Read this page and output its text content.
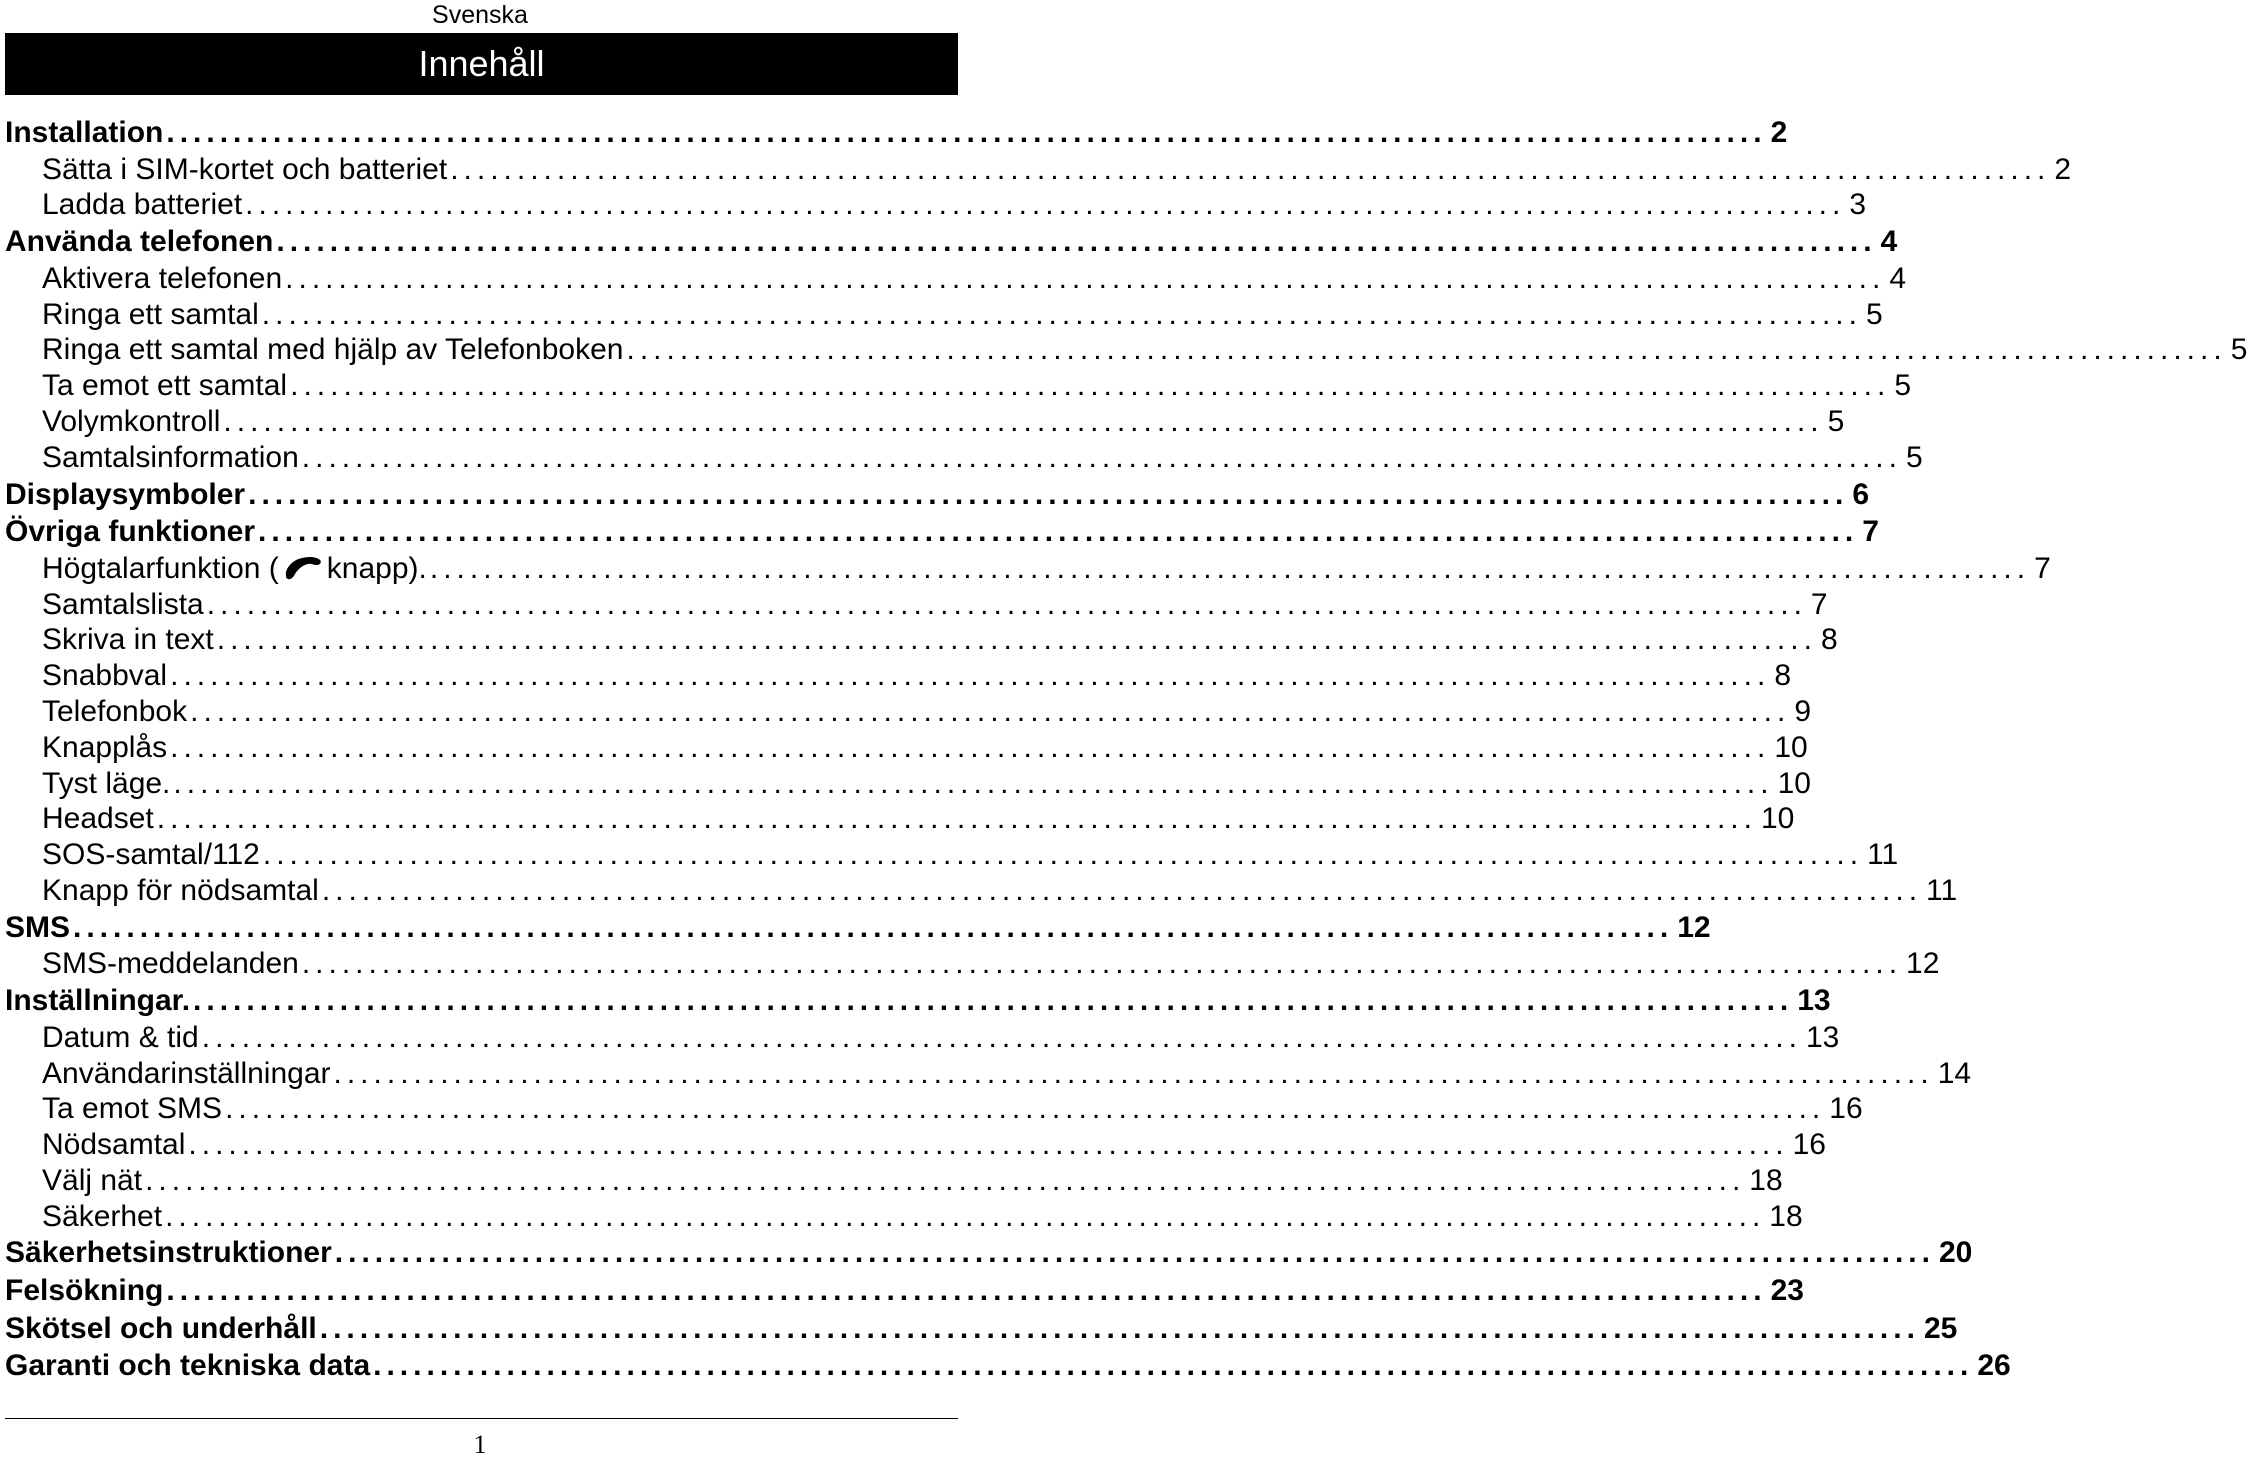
Svenska
Innehåll
Installation ........................................................................................................................ 2
Sätta i SIM-kortet och batteriet ........................................................................................................................ 2
Ladda batteriet ........................................................................................................................ 3
Använda telefonen ........................................................................................................................ 4
Aktivera telefonen ........................................................................................................................ 4
Ringa ett samtal ........................................................................................................................ 5
Ringa ett samtal med hjälp av Telefonboken ........................................................................................................................ 5
Ta emot ett samtal ........................................................................................................................ 5
Volymkontroll ........................................................................................................................ 5
Samtalsinformation ........................................................................................................................ 5
Displaysymboler ........................................................................................................................ 6
Övriga funktioner ........................................................................................................................ 7
Högtalarfunktion ( knapp). ........................................................................................................................ 7
Samtalslista ........................................................................................................................ 7
Skriva in text ........................................................................................................................ 8
Snabbval ........................................................................................................................ 8
Telefonbok ........................................................................................................................ 9
Knapplås ........................................................................................................................ 10
Tyst läge. ........................................................................................................................ 10
Headset ........................................................................................................................ 10
SOS-samtal/112 ........................................................................................................................ 11
Knapp för nödsamtal ........................................................................................................................ 11
SMS ........................................................................................................................ 12
SMS-meddelanden ........................................................................................................................ 12
Inställningar. ........................................................................................................................ 13
Datum & tid ........................................................................................................................ 13
Användarinställningar ........................................................................................................................ 14
Ta emot SMS ........................................................................................................................ 16
Nödsamtal ........................................................................................................................ 16
Välj nät ........................................................................................................................ 18
Säkerhet ........................................................................................................................ 18
Säkerhetsinstruktioner ........................................................................................................................ 20
Felsökning ........................................................................................................................ 23
Skötsel och underhåll ........................................................................................................................ 25
Garanti och tekniska data ........................................................................................................................ 26
1
